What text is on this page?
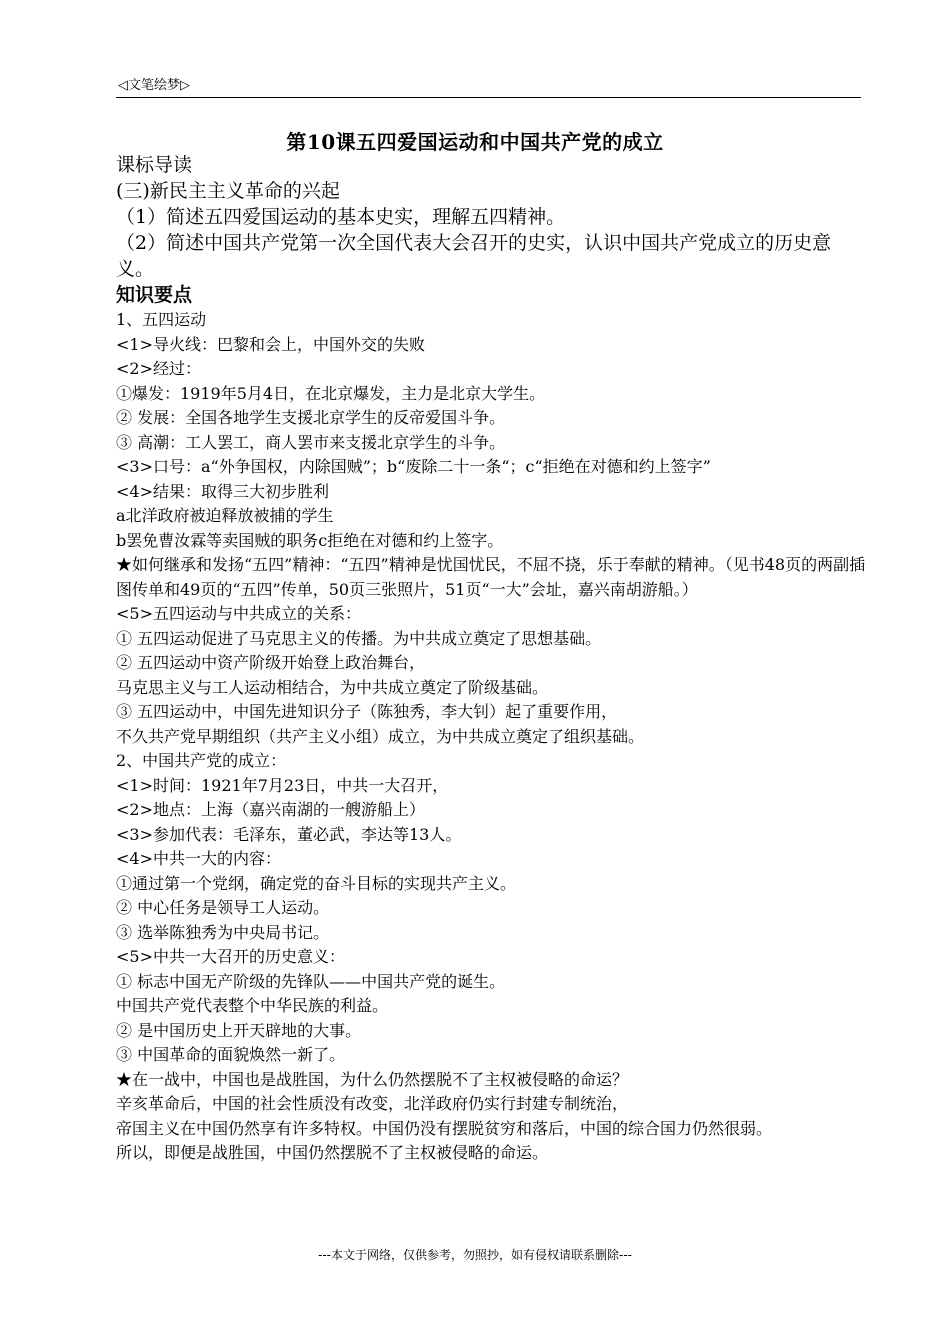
◁文笔绘梦▷
第10课五四爱国运动和中国共产党的成立
课标导读
(三)新民主主义革命的兴起
（1）简述五四爱国运动的基本史实，理解五四精神。
（2）简述中国共产党第一次全国代表大会召开的史实，认识中国共产党成立的历史意义。
知识要点
1、五四运动
<1>导火线：巴黎和会上，中国外交的失败
<2>经过：
①爆发：1919年5月4日，在北京爆发，主力是北京大学生。
② 发展：全国各地学生支援北京学生的反帝爱国斗争。
③ 高潮：工人罢工，商人罢市来支援北京学生的斗争。
<3>口号：a“外争国权，内除国贼”；b“废除二十一条“；c“拒绝在对德和约上签字”
<4>结果：取得三大初步胜利
a北洋政府被迫释放被捕的学生
b罢免曹汝霖等卖国贼的职务c拒绝在对德和约上签字。
★如何继承和发扬“五四”精神：“五四”精神是忧国忧民，不屈不挠，乐于奉献的精神。（见书48页的两副插图传单和49页的“五四”传单，50页三张照片，51页“一大”会址，嘉兴南胡游船。）
<5>五四运动与中共成立的关系：
① 五四运动促进了马克思主义的传播。为中共成立奠定了思想基础。
② 五四运动中资产阶级开始登上政治舞台，
马克思主义与工人运动相结合，为中共成立奠定了阶级基础。
③ 五四运动中，中国先进知识分子（陈独秀，李大钊）起了重要作用，
不久共产党早期组织（共产主义小组）成立，为中共成立奠定了组织基础。
2、中国共产党的成立：
<1>时间：1921年7月23日，中共一大召开，
<2>地点：上海（嘉兴南湖的一艘游船上）
<3>参加代表：毛泽东，董必武，李达等13人。
<4>中共一大的内容：
①通过第一个党纲，确定党的奋斗目标的实现共产主义。
② 中心任务是领导工人运动。
③ 选举陈独秀为中央局书记。
<5>中共一大召开的历史意义：
① 标志中国无产阶级的先锋队——中国共产党的诞生。
中国共产党代表整个中华民族的利益。
② 是中国历史上开天辟地的大事。
③ 中国革命的面貌焕然一新了。
★在一战中，中国也是战胜国，为什么仍然摆脱不了主权被侵略的命运？
辛亥革命后，中国的社会性质没有改变，北洋政府仍实行封建专制统治，
帝国主义在中国仍然享有许多特权。中国仍没有摆脱贫穷和落后，中国的综合国力仍然很弱。
所以，即便是战胜国，中国仍然摆脱不了主权被侵略的命运。
---本文于网络，仅供参考，勿照抄，如有侵权请联系删除---
